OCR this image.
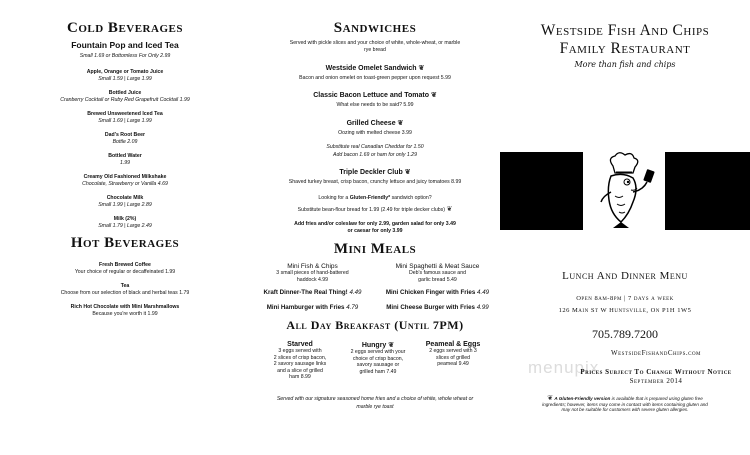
Cold Beverages
Fountain Pop and Iced Tea
Small 1.69 or Bottomless For Only 2.99
Apple, Orange or Tomato Juice
Small 1.59 | Large 1.99
Bottled Juice
Cranberry Cocktail or Ruby Red Grapefruit Cocktail 1.99
Brewed Unsweetened Iced Tea
Small 1.69 | Large 1.99
Dad's Root Beer
Bottle 2.09
Bottled Water
1.99
Creamy Old Fashioned Milkshake
Chocolate, Strawberry or Vanilla 4.69
Chocolate Milk
Small 1.99 | Large 2.89
Milk (2%)
Small 1.79 | Large 2.49
Hot Beverages
Fresh Brewed Coffee
Your choice of regular or decaffeinated 1.99
Tea
Choose from our selection of black and herbal teas 1.79
Rich Hot Chocolate with Mini Marshmallows
Because you're worth it 1.99
Sandwiches
Served with pickle slices and your choice of white, whole-wheat, or marble rye bread
Westside Omelet Sandwich ❦
Bacon and onion omelet on toast-green pepper upon request 5.99
Classic Bacon Lettuce and Tomato ❦
What else needs to be said? 5.99
Grilled Cheese ❦
Oozing with melted cheese 3.99
Substitute real Canadian Cheddar for 1.50
Add bacon 1.69 or ham for only 1.29
Triple Deckler Club ❦
Shaved turkey breast, crisp bacon, crunchy lettuce and juicy tomatoes 8.99
Looking for a Gluten-Friendly* sandwich option?
Substitute bean-flour bread for 1.99 (2.49 for triple decker clubs) ❦
Add fries and/or coleslaw for only 2.99, garden salad for only 3.49
or caesar for only 3.99
Mini Meals
Mini Fish & Chips
3 small pieces of hand-battered
haddock 4.99
Mini Spaghetti & Meat Sauce
Deb's famous sauce and
garlic bread 5.49
Kraft Dinner-The Real Thing! 4.49	Mini Chicken Finger with Fries 4.49
Mini Hamburger with Fries 4.79	Mini Cheese Burger with Fries 4.99
All Day Breakfast (Until 7PM)
Starved
3 eggs served with
2 slices of crisp bacon,
2 savory sausage links
and a slice of grilled
ham 8.99
Hungry ❦
2 eggs served with your
choice of crisp bacon,
savory sausage or
grilled ham 7.49
Peameal & Eggs
2 eggs served with 3
slices of grilled
peameal 9.49
Served with our signature seasoned home fries and a choice of white, whole wheat or
marble rye toast
Westside Fish And Chips
Family Restaurant
More than fish and chips
Lunch And Dinner Menu
Open 8am-8pm | 7 days a week
126 Main St W Huntsville, On P1H 1W5
705.789.7200
menupix
WestsideFishandChips.com
Prices Subject To Change Without Notice
September 2014
❦ A Gluten-Friendly version is available that is prepared using gluten free ingredients; however, items may come in contact with items containing gluten and may not be suitable for customers with severe gluten allergies.
